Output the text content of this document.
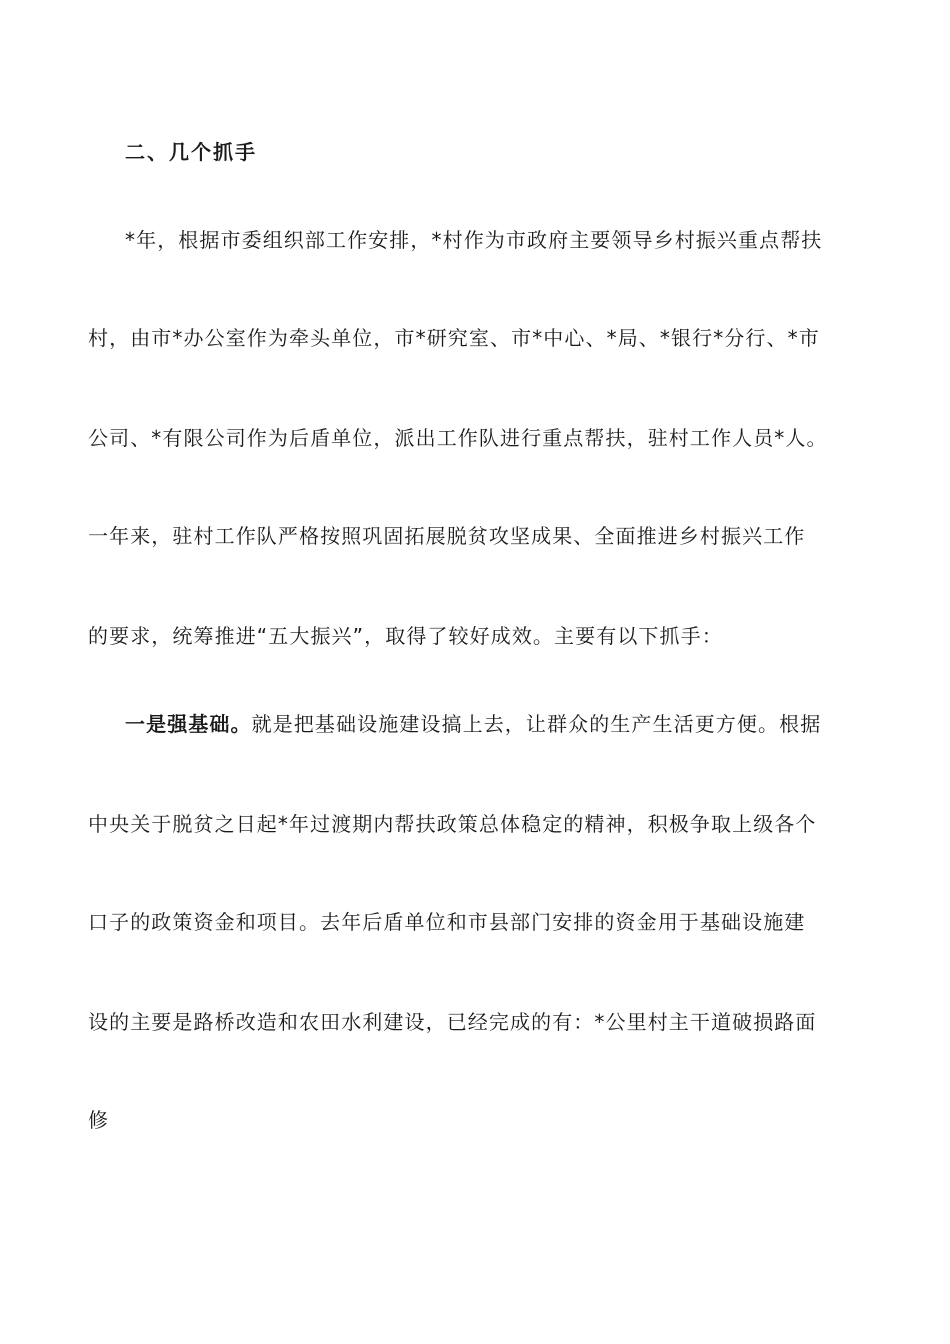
二、几个抓手
*年，根据市委组织部工作安排，*村作为市政府主要领导乡村振兴重点帮扶
村，由市*办公室作为牵头单位，市*研究室、市*中心、*局、*银行*分行、*市
公司、*有限公司作为后盾单位，派出工作队进行重点帮扶，驻村工作人员*人。
一年来，驻村工作队严格按照巩固拓展脱贫攻坚成果、全面推进乡村振兴工作
的要求，统筹推进“五大振兴”，取得了较好成效。主要有以下抓手：
一是强基础。就是把基础设施建设搞上去，让群众的生产生活更方便。根据
中央关于脱贫之日起*年过渡期内帮扶政策总体稳定的精神，积极争取上级各个
口子的政策资金和项目。去年后盾单位和市县部门安排的资金用于基础设施建
设的主要是路桥改造和农田水利建设，已经完成的有：*公里村主干道破损路面
修
